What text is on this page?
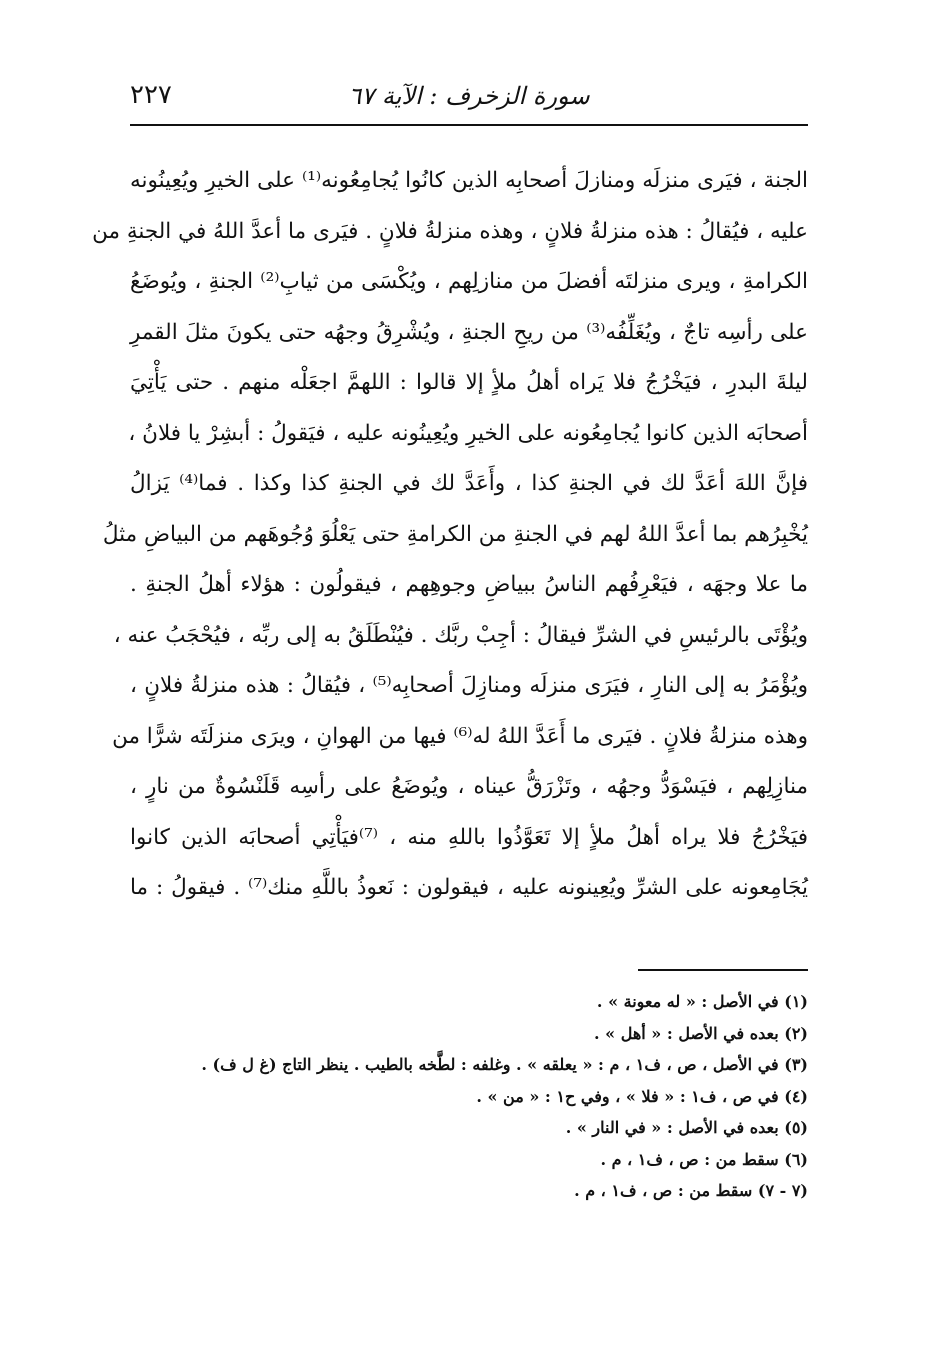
سورة الزخرف : الآية ٦٧
٢٢٧
الجنة ، فيَرى منزلَه ومنازلَ أصحابِه الذين كانُوا يُجامِعُونه⁽¹⁾ على الخيرِ ويُعِينُونه
عليه ، فيُقالُ : هذه منزلةُ فلانٍ ، وهذه منزلةُ فلانٍ . فيَرى ما أعدَّ اللهُ في الجنةِ من
الكرامةِ ، ويرى منزلتَه أفضلَ من منازلِهم ، ويُكْسَى من ثيابِ⁽²⁾ الجنةِ ، ويُوضَعُ
على رأسِه تاجٌ ، ويُغَلِّفُه⁽³⁾ من ريحِ الجنةِ ، ويُشْرِقُ وجهُه حتى يكونَ مثلَ القمرِ
ليلةَ البدرِ ، فيَخْرُجُ فلا يَراه أهلُ ملأٍ إلا قالوا : اللهمَّ اجعَلْه منهم . حتى يَأْتِيَ
أصحابَه الذين كانوا يُجامِعُونه على الخيرِ ويُعِينُونه عليه ، فيَقولُ : أبشِرْ يا فلانُ ،
فإنَّ اللهَ أعَدَّ لك في الجنةِ كذا ، وأَعَدَّ لك في الجنةِ كذا وكذا . فما⁽⁴⁾ يَزالُ
يُخْبِرُهم بما أعدَّ اللهُ لهم في الجنةِ من الكرامةِ حتى يَعْلُوَ وُجُوهَهم من البياضِ مثلُ
ما علا وجهَه ، فيَعْرِفُهم الناسُ ببياضِ وجوهِهم ، فيقولُون : هؤلاء أهلُ الجنةِ .
ويُؤْتَى بالرئيسِ في الشرِّ فيقالُ : أجِبْ ربَّك . فيُنْطَلَقُ به إلى ربِّه ، فيُحْجَبُ عنه ،
ويُؤْمَرُ به إلى النارِ ، فيَرَى منزلَه ومنازِلَ أصحابِه⁽⁵⁾ ، فيُقالُ : هذه منزلةُ فلانٍ ،
وهذه منزلةُ فلانٍ . فيَرى ما أَعَدَّ اللهُ له⁽⁶⁾ فيها من الهوانِ ، ويرَى منزلَتَه شرًّا من
منازِلِهم ، فيَسْوَدُّ وجهُه ، وتَزْرَقُّ عيناه ، ويُوضَعُ على رأسِه قَلَنْسُوةٌ من نارٍ ،
فيَخْرُجُ فلا يراه أهلُ ملأٍ إلا تَعَوَّذُوا باللهِ منه ، ⁽⁷⁾فيَأْتِي أصحابَه الذين كانوا
يُجَامِعونه على الشرِّ ويُعِينونه عليه ، فيقولون : نَعوذُ باللَّهِ منك⁽⁷⁾ . فيقولُ : ما
(١) في الأصل : « له معونة » .
(٢) بعده في الأصل : « أهل » .
(٣) في الأصل ، ص ، ف١ ، م : « يعلقه » . وغلفه : لطَّخه بالطيب . ينظر التاج (غ ل ف) .
(٤) في ص ، ف١ : « فلا » ، وفي ح١ : « من » .
(٥) بعده في الأصل : « في النار » .
(٦) سقط من : ص ، ف١ ، م .
(٧ - ٧) سقط من : ص ، ف١ ، م .
